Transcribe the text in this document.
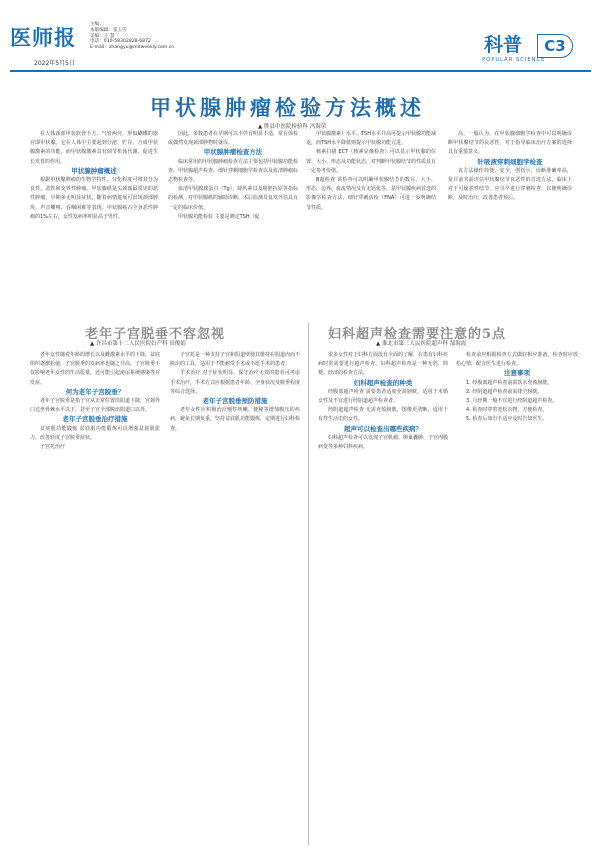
医师报
主编：
本版编辑：张玉雪
美编：王 慧
电话：010-58302828-6872
E-mail：zhangyu@mdweekly.com.cn
2022年5月5日
科普
POPULAR SCIENCE
C3
甲状腺肿瘤检验方法概述
▲ 胜县中医院检验科 冯海荣

在人体颈部甲状软骨下方、气管两旁，形似蝴蝶的器官即甲状腺。它在人体中主要起到分泌、贮存、合成甲状腺激素的功能，而甲状腺激素具有调节机体代谢、促进生长发育的作用。

甲状腺肿瘤概述

根据甲状腺肿瘤的生物学特性，分化程度可将其分为良性、恶性和交界性肿瘤。甲状腺癌是头颈部最常见的恶性肿瘤，早期多无明显症状，随着病情进展可出现颈部肿块、声音嘶哑、吞咽困难等表现。甲状腺癌占全身恶性肿瘤的1%左右，女性发病率明显高于男性。

因此，多数患者在早期可以不伴有明显不适，常在体检或偶然发现颈部肿物时就诊。

甲状腺肿瘤检查方法

临床常用的甲状腺肿瘤检查方法主要包括甲状腺功能检查、甲状腺超声检查、细针穿刺细胞学检查以及血清肿瘤标志物检查等。

血清甲状腺球蛋白（Tg）、降钙素以及癌胚抗原等指标的检测，对甲状腺癌的辅助诊断、术后监测及复发评估具有一定的临床价值。

甲状腺功能检验 主要是测定TSH（促

甲状腺激素）水平。TSH水平升高可提示甲状腺功能减退，而TSH水平降低则提示甲状腺功能亢进。

核素扫描 ECT（核素显像检查）可以显示甲状腺的位置、大小、形态及功能状态，对判断甲状腺结节的性质具有一定参考价值。

B超检查 该检查可以明确甲状腺结节的数目、大小、形态、边界、血流情况及有无钙化等，是甲状腺疾病首选的影像学检查方法，细针穿刺活检（FNA）可进一步明确结节性质。

高，一般认为，在甲状腺细胞学检查中可以明确诊断甲状腺结节的良恶性，对于指导临床治疗方案的选择具有重要意义。

针吸液穿刺细胞学检查

该方法操作简便、安全，创伤小，诊断准确率高，是目前术前评估甲状腺结节良恶性的首选方法。临床上对于可疑恶性结节，应尽早进行穿刺检查，以便明确诊断，及时治疗，改善患者预后。

老年子宫脱垂不容忽视
▲ 许昌市第十二人民医院妇产科 田俊娟

老年女性随着年龄的增长以及雌激素水平的下降，盆底组织逐渐松弛，子宫脱垂的发病率也随之升高。子宫脱垂不仅影响老年女性的生活质量，还可能引起泌尿系统感染等并发症。

何为老年子宫脱垂？

老年子宫脱垂是指子宫从正常位置沿阴道下降，宫颈外口达坐骨棘水平以下，甚至子宫全部脱出阴道口以外。

老年子宫脱垂治疗措施

盆底肌功能锻炼 盆底肌功能锻炼可以增强盆底肌张力，改善轻度子宫脱垂症状。

子宫托治疗

子宫托是一种支持子宫和阴道壁使其维持在阴道内而不脱出的工具，适用于不能耐受手术或不愿手术的患者。

手术治疗 对于症状明显、保守治疗无效的患者可考虑手术治疗，手术方式应根据患者年龄、全身状况及脱垂程度等综合选择。

老年子宫脱垂预防措施

老年女性应积极治疗慢性咳嗽、便秘等增加腹压的疾病，避免长期负重，坚持盆底肌功能锻炼，定期进行妇科检查。

妇科超声检查需要注意的5点
▲ 淮北市第三人民医院超声科 郜海霞

很多女性对于妇科方面没有全面的了解，在患有妇科疾病时常需要进行超声检查。妇科超声检查是一种无创、简便、经济的检查方法。

妇科超声检查的种类

经腹部超声检查 需要患者适度充盈膀胱，适用于未婚女性及不宜进行经阴道超声检查者。

经阴道超声检查 无需充盈膀胱，图像更清晰，适用于有性生活史的女性。

超声可以检查出哪些疾病？

妇科超声检查可以发现子宫肌瘤、卵巢囊肿、子宫内膜病变等多种妇科疾病。

检查前应根据检查方式做好相应准备，检查时应放松心情，配合医生进行检查。

注意事项

1. 经腹部超声检查前需饮水充盈膀胱。

2. 经阴道超声检查前需排空膀胱。

3. 月经期一般不宜进行经阴道超声检查。

4. 检查时穿着宽松衣物，方便检查。

5. 检查后如有不适应及时告知医生。
